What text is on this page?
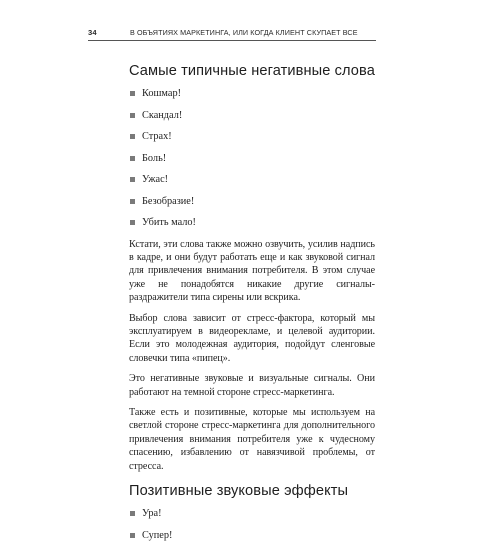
34	В ОБЪЯТИЯХ МАРКЕТИНГА, ИЛИ КОГДА КЛИЕНТ СКУПАЕТ ВСЕ
Самые типичные негативные слова
Кошмар!
Скандал!
Страх!
Боль!
Ужас!
Безобразие!
Убить мало!

Кстати, эти слова также можно озвучить, усилив надпись в кадре, и они будут работать еще и как звуковой сигнал для привлечения внимания потребителя. В этом случае уже не понадобятся никакие другие сигналы-раздражители типа сирены или вскрика.

Выбор слова зависит от стресс-фактора, который мы эксплуатируем в видеорекламе, и целевой аудитории. Если это молодежная аудитория, подойдут сленговые словечки типа «пипец».

Это негативные звуковые и визуальные сигналы. Они работают на темной стороне стресс-маркетинга.

Также есть и позитивные, которые мы используем на светлой стороне стресс-маркетинга для дополнительного привлечения внимания потребителя уже к чудесному спасению, избавлению от навязчивой проблемы, от стресса.

Позитивные звуковые эффекты
Ура!
Супер!
